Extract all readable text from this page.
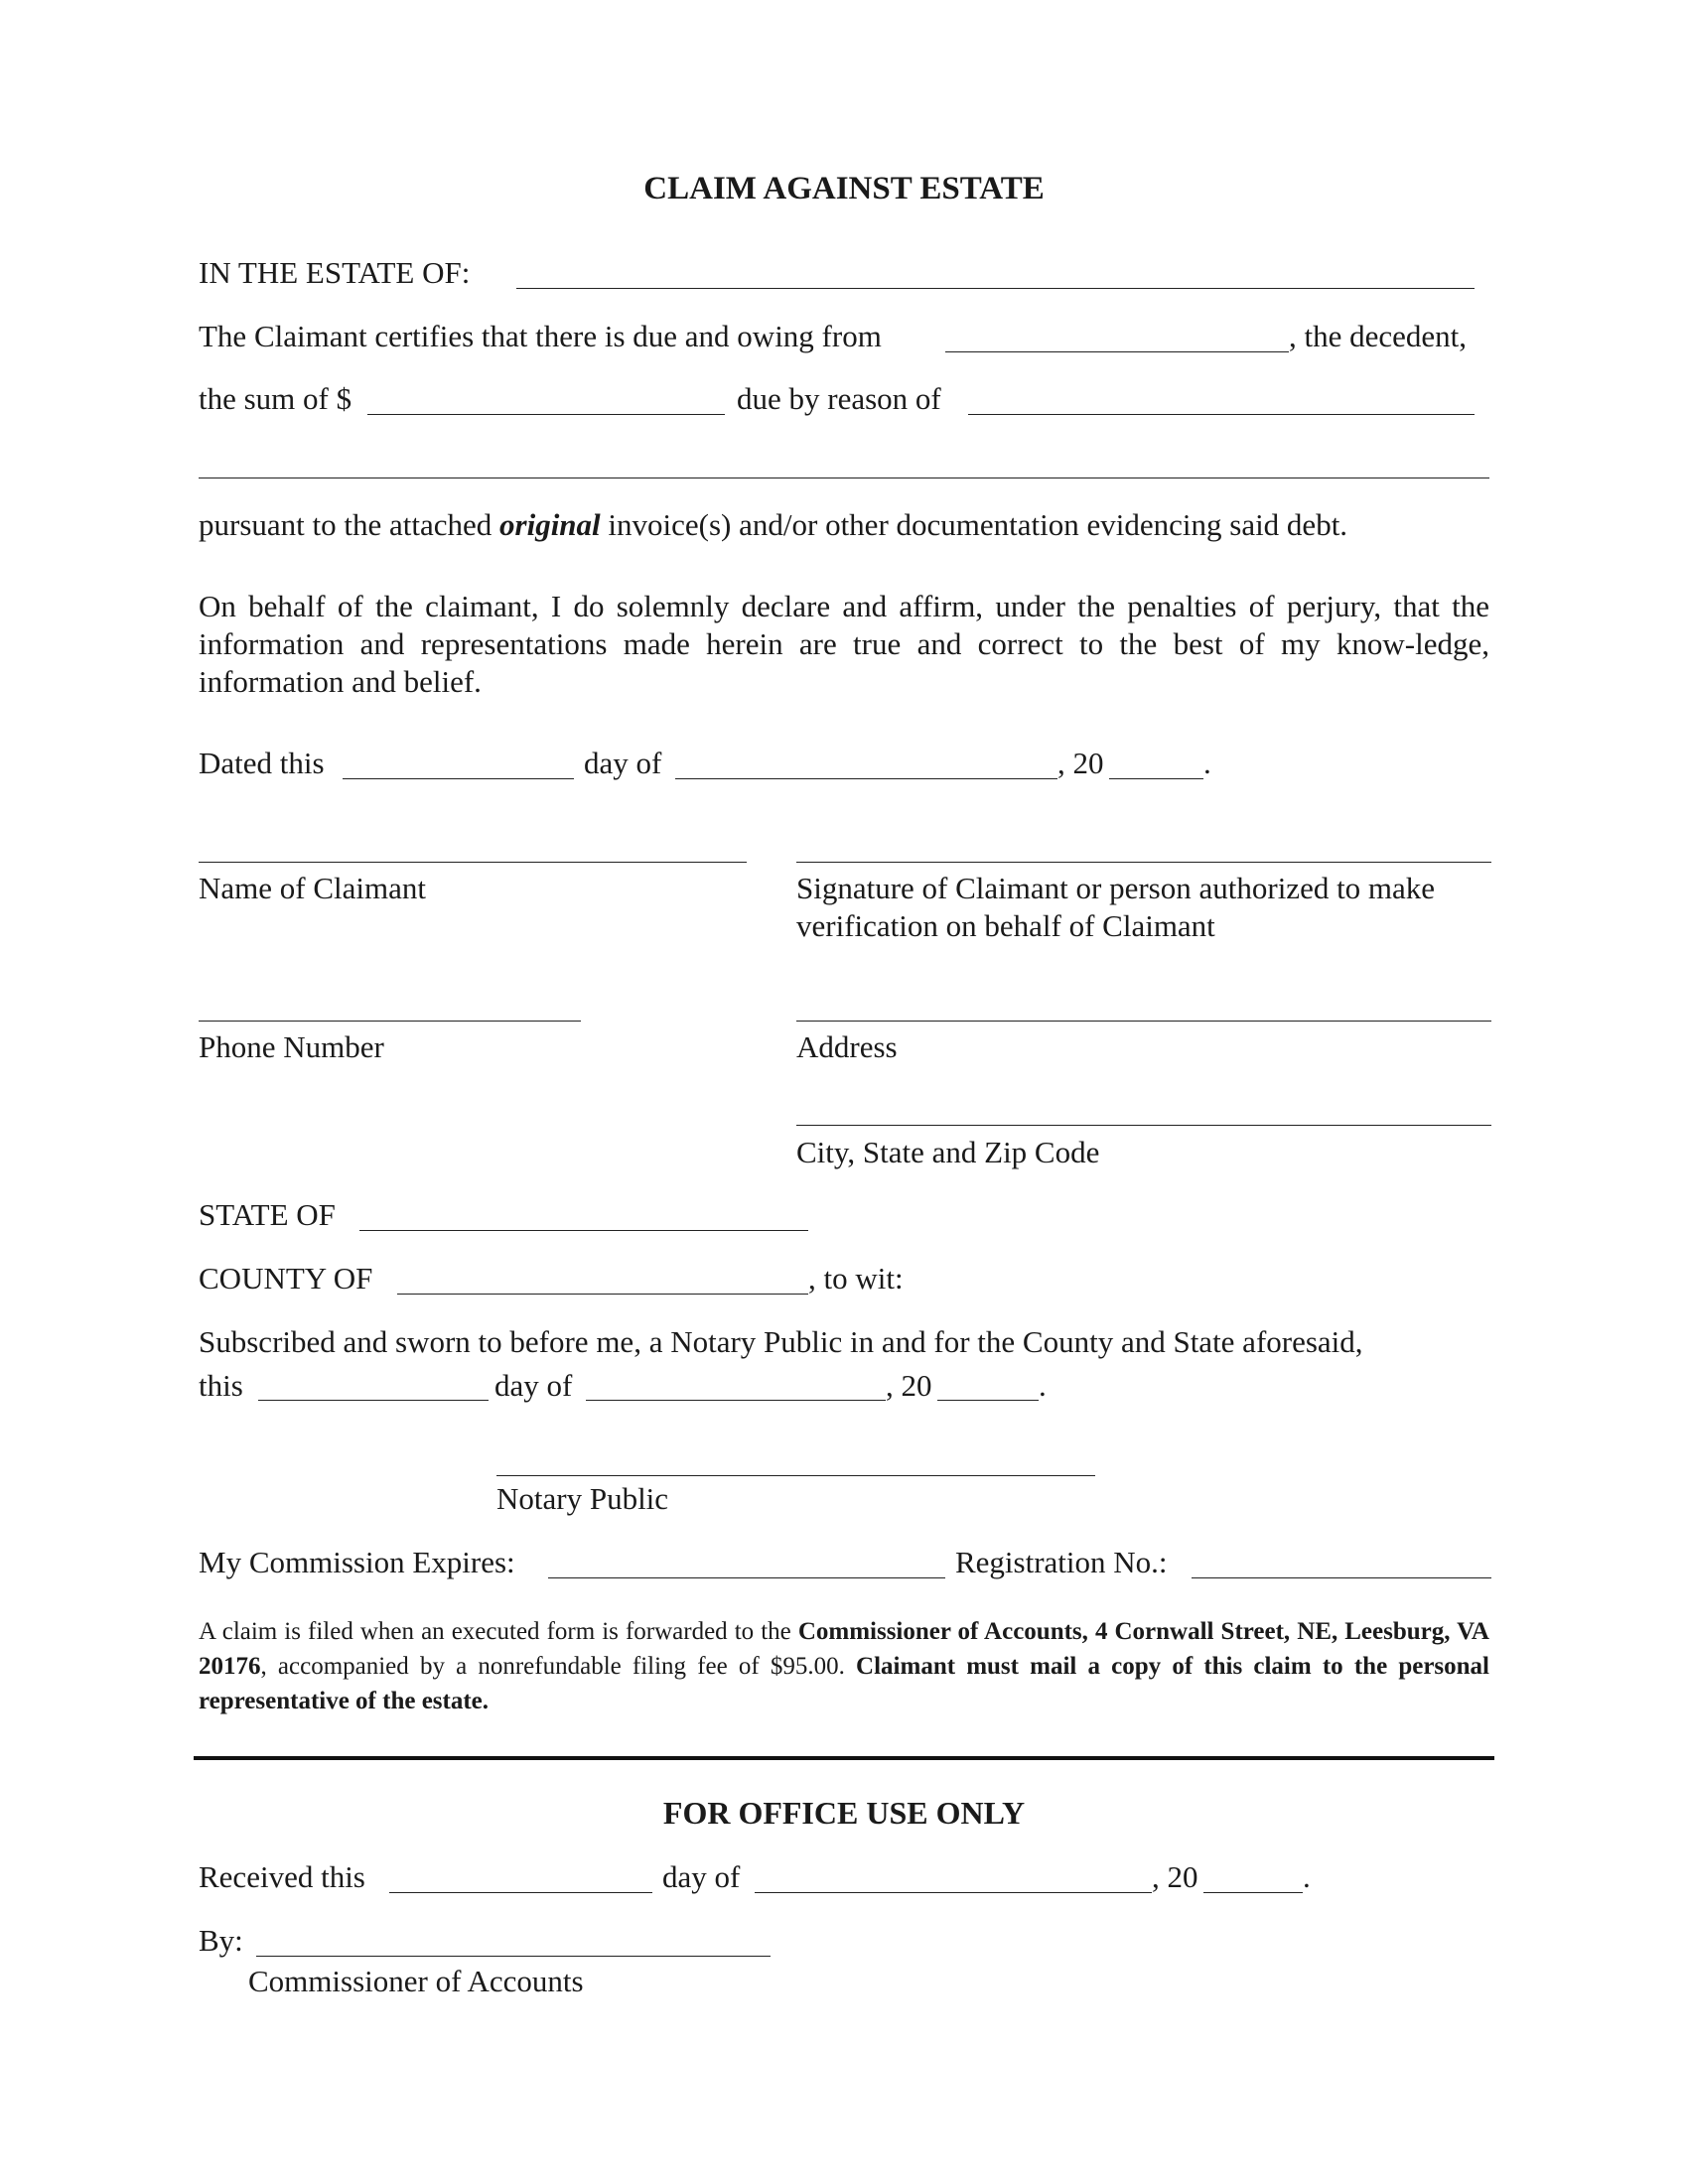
CLAIM AGAINST ESTATE
IN THE ESTATE OF:
The Claimant certifies that there is due and owing from	, the decedent,
the sum of $	due by reason of
pursuant to the attached original invoice(s) and/or other documentation evidencing said debt.
On behalf of the claimant, I do solemnly declare and affirm, under the penalties of perjury, that the information and representations made herein are true and correct to the best of my know-ledge, information and belief.
Dated this	day of	, 20	.
Name of Claimant	Signature of Claimant or person authorized to make
verification on behalf of Claimant
Phone Number	Address
City, State and Zip Code
STATE OF
COUNTY OF	, to wit:
Subscribed and sworn to before me, a Notary Public in and for the County and State aforesaid,
this	day of	, 20	.
Notary Public
My Commission Expires:	Registration No.:
A claim is filed when an executed form is forwarded to the Commissioner of Accounts, 4 Cornwall Street, NE, Leesburg, VA 20176, accompanied by a nonrefundable filing fee of $95.00. Claimant must mail a copy of this claim to the personal representative of the estate.
FOR OFFICE USE ONLY
Received this	day of	, 20	.
By:
Commissioner of Accounts
